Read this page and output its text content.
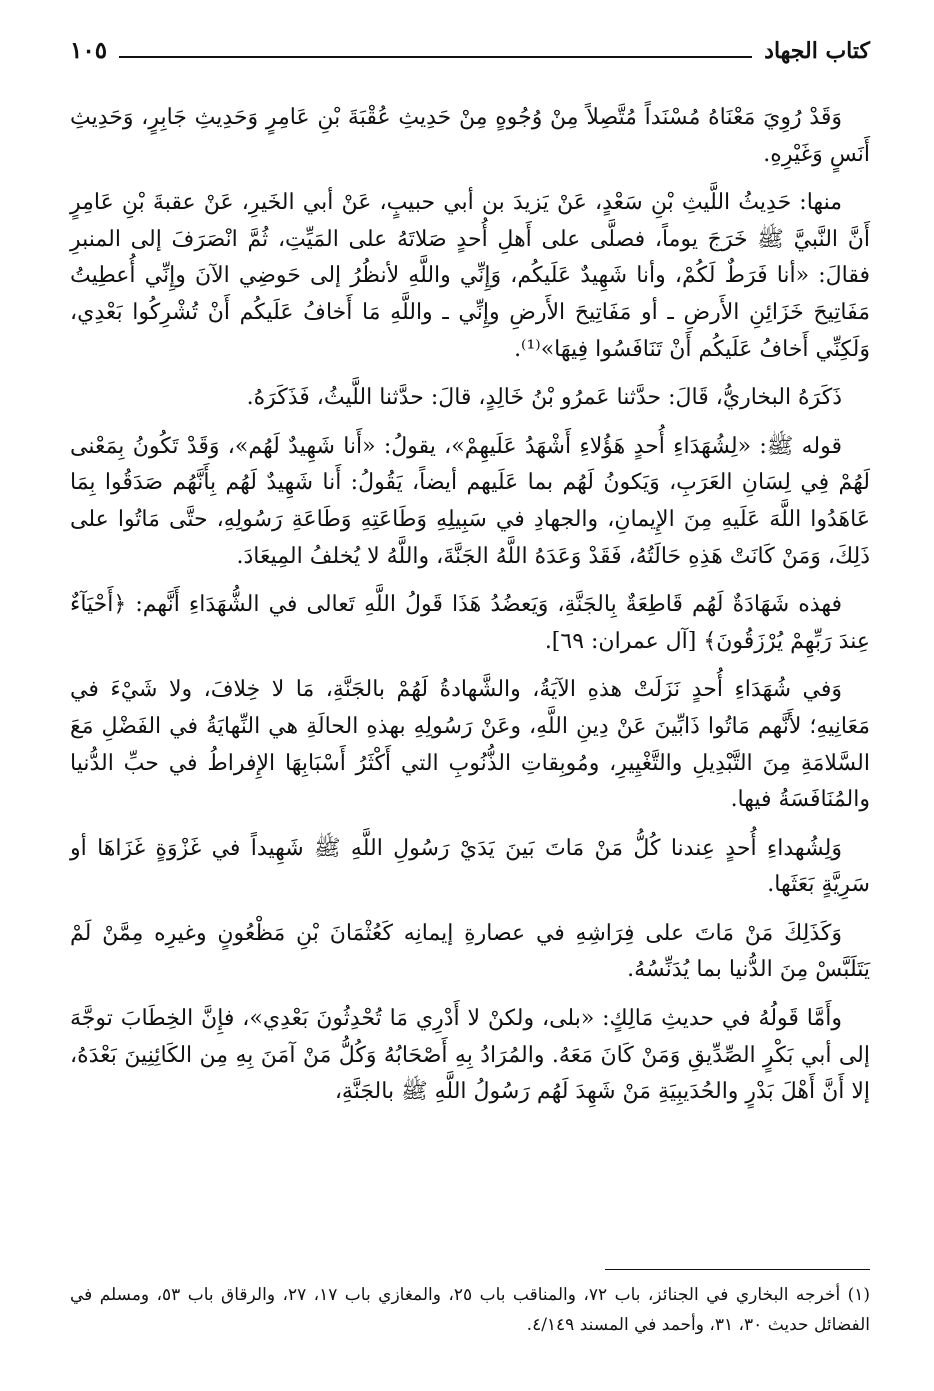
كتاب الجهاد
١٠٥

وَقَدْ رُوِيَ مَعْنَاهُ مُسْنَداً مُتَّصِلاً مِنْ وُجُوهٍ مِنْ حَدِيثِ عُقْبَةَ بْنِ عَامِرٍ وَحَدِيثِ جَابِرٍ، وَحَدِيثِ أَنَسٍ وَغَيْرِهِ.

منها: حَدِيثُ اللَّيثِ بْنِ سَعْدٍ، عَنْ يَزيدَ بن أبي حبيبٍ، عَنْ أبي الخَيرِ، عَنْ عقبةَ بْنِ عَامِرٍ أَنَّ النَّبيَّ ﷺ خَرَجَ يوماً، فصلَّى على أَهلِ أُحدٍ صَلاتَهُ على المَيِّتِ، ثُمَّ انْصَرَفَ إلى المنبرِ فقالَ: «أنا فَرَطٌ لَكُمْ، وأنا شَهِيدٌ عَلَيكُم، وَإِنِّي واللَّهِ لأنظُرُ إلى حَوضِي الآنَ وإِنِّي أُعطِيتُ مَفَاتِيحَ خَزَائِنِ الأَرضِ ـ أو مَفَاتِيحَ الأَرضِ وإِنِّي ـ واللَّهِ مَا أَخافُ عَلَيكُم أَنْ تُشْرِكُوا بَعْدِي، وَلَكِنِّي أَخافُ عَلَيكُم أَنْ تَنَافَسُوا فِيهَا»⁽¹⁾.

ذَكَرَهُ البخاريُّ، قَالَ: حدَّثنا عَمرُو بْنُ خَالِدٍ، قالَ: حدَّثنا اللَّيثُ، فَذَكَرَهُ.

قوله ﷺ: «لِشُهَدَاءِ أُحدٍ هَؤُلاءِ أَشْهَدُ عَلَيهِمْ»، يقولُ: «أَنا شَهِيدٌ لَهُم»، وَقَدْ تَكُونُ بِمَعْنى لَهُمْ فِي لِسَانِ العَرَبِ، وَيَكونُ لَهُم بما عَلَيهم أيضاً، يَقُولُ: أَنا شَهِيدٌ لَهُم بِأَنَّهُم صَدَقُوا بِمَا عَاهَدُوا اللَّهَ عَلَيهِ مِنَ الإِيمانِ، والجهادِ في سَبِيلِهِ وَطَاعَتِهِ وَطَاعَةِ رَسُولِهِ، حتَّى مَاتُوا على ذَلِكَ، وَمَنْ كَانَتْ هَذِهِ حَالَتُهُ، فَقَدْ وَعَدَهُ اللَّهُ الجَنَّةَ، واللَّهُ لا يُخلفُ المِيعَادَ.

فهذه شَهَادَةٌ لَهُم قَاطِعَةٌ بِالجَنَّةِ، وَيَعضُدُ هَذَا قَولُ اللَّهِ تَعالى في الشُّهَدَاءِ أَنَّهم: ﴿أَحْيَآءٌ عِندَ رَبِّهِمْ يُرْزَقُونَ﴾ [آل عمران: ٦٩].

وَفي شُهَدَاءِ أُحدٍ نَزَلَتْ هذهِ الآيَةُ، والشَّهادةُ لَهُمْ بالجَنَّةِ، مَا لا خِلافَ، ولا شَيْءَ في مَعَانِيهِ؛ لأَنَّهم مَاتُوا ذَابِّينَ عَنْ دِينِ اللَّهِ، وعَنْ رَسُولِهِ بهذهِ الحالَةِ هي النِّهايَةُ في الفَضْلِ مَعَ السَّلامَةِ مِنَ التَّبْدِيلِ والتَّغْيِيرِ، ومُوبِقاتِ الذُّنُوبِ التي أَكْثَرُ أَسْبَابِهَا الإِفراطُ في حبِّ الدُّنيا والمُنَافَسَةُ فيها.

وَلِشُهداءِ أُحدٍ عِندنا كُلُّ مَنْ مَاتَ بَينَ يَدَيْ رَسُولِ اللَّهِ ﷺ شَهِيداً في غَزْوَةٍ غَزَاهَا أو سَرِيَّةٍ بَعَثَها.

وَكَذَلِكَ مَنْ مَاتَ على فِرَاشِهِ في عصارةِ إيمانِه كَعُثْمَانَ بْنِ مَظْعُونٍ وغيرِه مِمَّنْ لَمْ يَتَلَبَّسْ مِنَ الدُّنيا بما يُدَنِّسُهُ.

وأَمَّا قَولُهُ في حديثِ مَالِكٍ: «بلى، ولكنْ لا أَدْرِي مَا تُحْدِثُونَ بَعْدِي»، فإِنَّ الخِطَابَ توجَّهَ إلى أبي بَكْرٍ الصِّدِّيقِ وَمَنْ كَانَ مَعَهُ. والمُرَادُ بِهِ أَصْحَابُهُ وَكُلُّ مَنْ آمَنَ بِهِ مِن الكَائِنِينَ بَعْدَهُ، إلا أَنَّ أَهْلَ بَدْرٍ والحُدَيبِيَةِ مَنْ شَهِدَ لَهُم رَسُولُ اللَّهِ ﷺ بالجَنَّةِ،

(١) أخرجه البخاري في الجنائز، باب ٧٢، والمناقب باب ٢٥، والمغازي باب ١٧، ٢٧، والرقاق باب ٥٣، ومسلم في الفضائل حديث ٣٠، ٣١، وأحمد في المسند ٤/١٤٩.
